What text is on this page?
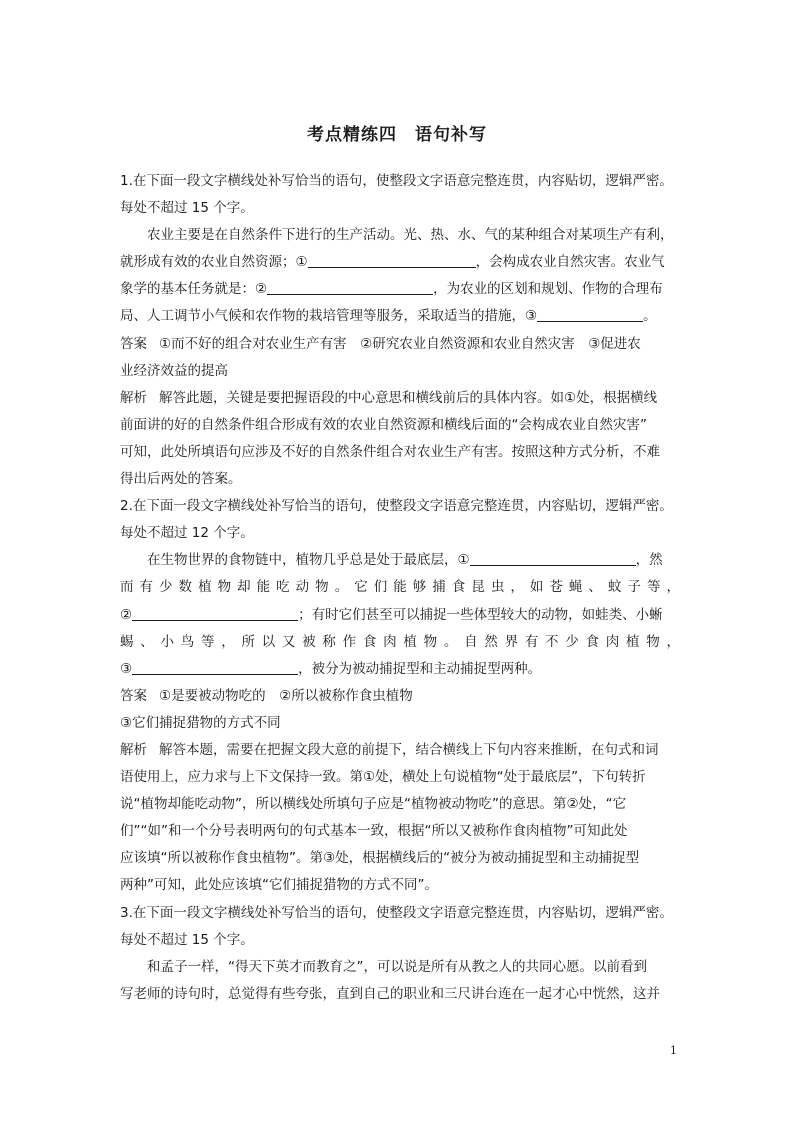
考点精练四　语句补写
1.在下面一段文字横线处补写恰当的语句，使整段文字语意完整连贯，内容贴切，逻辑严密。
每处不超过 15 个字。
农业主要是在自然条件下进行的生产活动。光、热、水、气的某种组合对某项生产有利，
就形成有效的农业自然资源；①	，会构成农业自然灾害。农业气
象学的基本任务就是：②	，为农业的区划和规划、作物的合理布
局、人工调节小气候和农作物的栽培管理等服务，采取适当的措施，③	。
答案 ①而不好的组合对农业生产有害　②研究农业自然资源和农业自然灾害　③促进农
业经济效益的提高
解析 解答此题，关键是要把握语段的中心意思和横线前后的具体内容。如①处，根据横线
前面讲的好的自然条件组合形成有效的农业自然资源和横线后面的“会构成农业自然灾害”
可知，此处所填语句应涉及不好的自然条件组合对农业生产有害。按照这种方式分析，不难
得出后两处的答案。
2.在下面一段文字横线处补写恰当的语句，使整段文字语意完整连贯，内容贴切，逻辑严密。
每处不超过 12 个字。
在生物世界的食物链中，植物几乎总是处于最底层，①	，然
而有少数植物却能吃动物。它们能够捕食昆虫，如苍蝇、蚊子等，
②	；有时它们甚至可以捕捉一些体型较大的动物，如蛙类、小蜥
蜴、小鸟等，所以又被称作食肉植物。自然界有不少食肉植物，
③	，被分为被动捕捉型和主动捕捉型两种。
答案 ①是要被动物吃的　②所以被称作食虫植物
③它们捕捉猎物的方式不同
解析 解答本题，需要在把握文段大意的前提下，结合横线上下句内容来推断，在句式和词
语使用上，应力求与上下文保持一致。第①处，横处上句说植物“处于最底层”，下句转折
说“植物却能吃动物”，所以横线处所填句子应是“植物被动物吃”的意思。第②处，“它
们”“如”和一个分号表明两句的句式基本一致，根据“所以又被称作食肉植物”可知此处
应该填“所以被称作食虫植物”。第③处，根据横线后的“被分为被动捕捉型和主动捕捉型
两种”可知，此处应该填“它们捕捉猎物的方式不同”。
3.在下面一段文字横线处补写恰当的语句，使整段文字语意完整连贯，内容贴切，逻辑严密。
每处不超过 15 个字。
和孟子一样，“得天下英才而教育之”，可以说是所有从教之人的共同心愿。以前看到
写老师的诗句时，总觉得有些夸张，直到自己的职业和三尺讲台连在一起才心中恍然，这并
1
